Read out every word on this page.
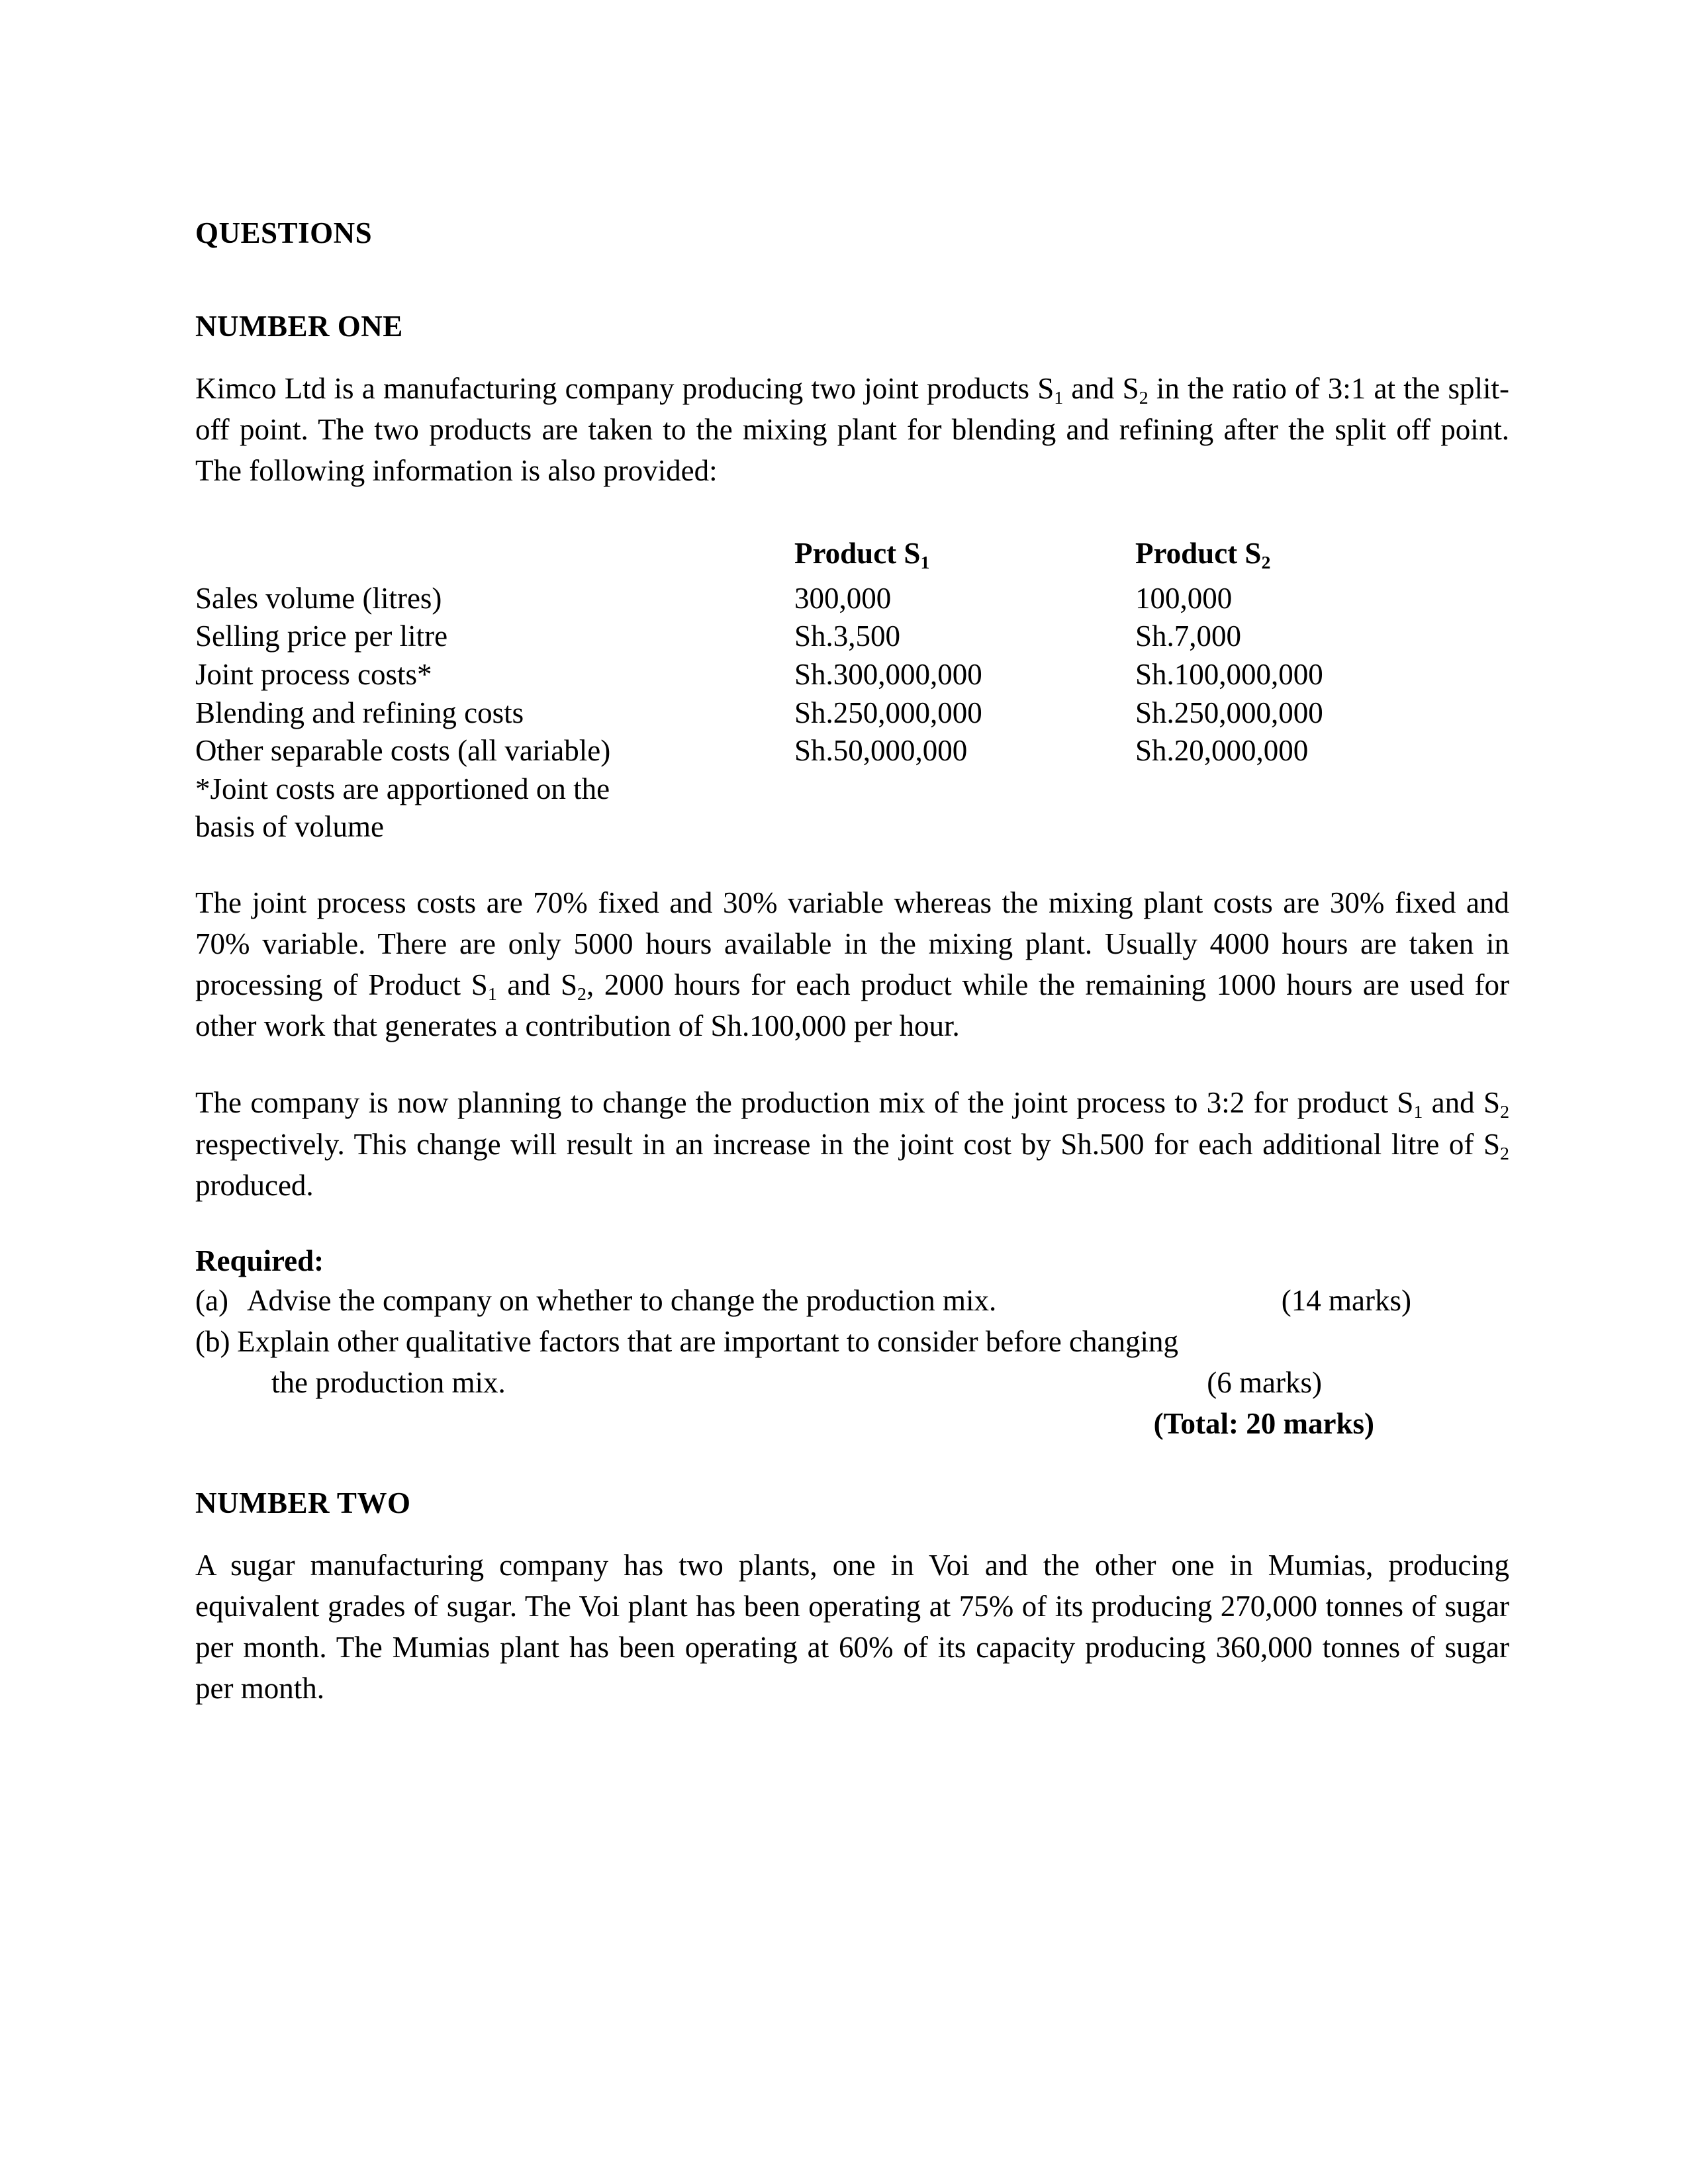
QUESTIONS
NUMBER ONE

Kimco Ltd is a manufacturing company producing two joint products $S_1$ and $S_2$ in the ratio of 3:1 at the split-off point. The two products are taken to the mixing plant for blending and refining after the split off point. The following information is also provided:

	Product $S_1$	Product $S_2$
Sales volume (litres)	300,000	100,000
Selling price per litre	Sh.3,500	Sh.7,000
Joint process costs*	Sh.300,000,000	Sh.100,000,000
Blending and refining costs	Sh.250,000,000	Sh.250,000,000
Other separable costs (all variable)	Sh.50,000,000	Sh.20,000,000
*Joint costs are apportioned on the
basis of volume

The joint process costs are 70% fixed and 30% variable whereas the mixing plant costs are 30% fixed and 70% variable. There are only 5000 hours available in the mixing plant. Usually 4000 hours are taken in processing of Product $S_1$ and $S_2$, 2000 hours for each product while the remaining 1000 hours are used for other work that generates a contribution of Sh.100,000 per hour.

The company is now planning to change the production mix of the joint process to 3:2 for product $S_1$ and $S_2$ respectively. This change will result in an increase in the joint cost by Sh.500 for each additional litre of $S_2$ produced.

Required:
(a) Advise the company on whether to change the production mix.	(14 marks)
(b) Explain other qualitative factors that are important to consider before changing
the production mix.	(6 marks)
(Total: 20 marks)
NUMBER TWO

A sugar manufacturing company has two plants, one in Voi and the other one in Mumias, producing equivalent grades of sugar. The Voi plant has been operating at 75% of its producing 270,000 tonnes of sugar per month. The Mumias plant has been operating at 60% of its capacity producing 360,000 tonnes of sugar per month.
